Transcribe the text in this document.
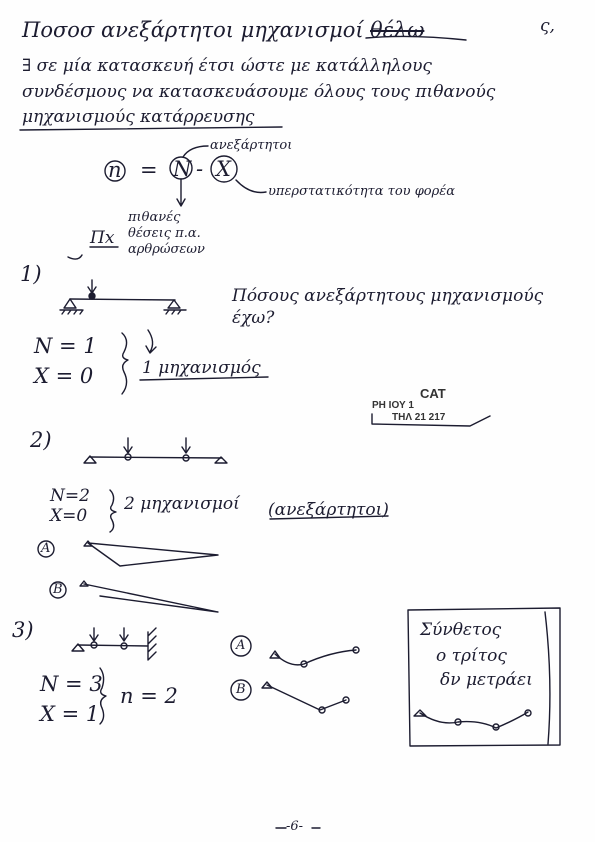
Ποσοσ ανεξάρτητοι μηχανισμοί θέλω	ς,
∃ σε μία κατασκευή έτσι ώστε με κατάλληλους
συνδέσμους να κατασκευάσουμε όλους τους πιθανούς
μηχανισμούς κατάρρευσης
n = N - X
ανεξάρτητοι
υπερστατικότητα του φορέα
πιθανές
θέσεις π.α.
αρθρώσεων
1)
Πx
Πόσους ανεξάρτητους μηχανισμούς
έχω?
N = 1
X = 0	1 μηχανισμός
CAT
PH ΙΟΥ 1
ΤΗΛ 21 217
2)
N=2
X=0
2 μηχανισμοί (ανεξάρτητοι)
A
B
3)
N = 3
X = 1
n = 2
A
B
Σύνθετος
ο τρίτος
δν μετράει
-6-
